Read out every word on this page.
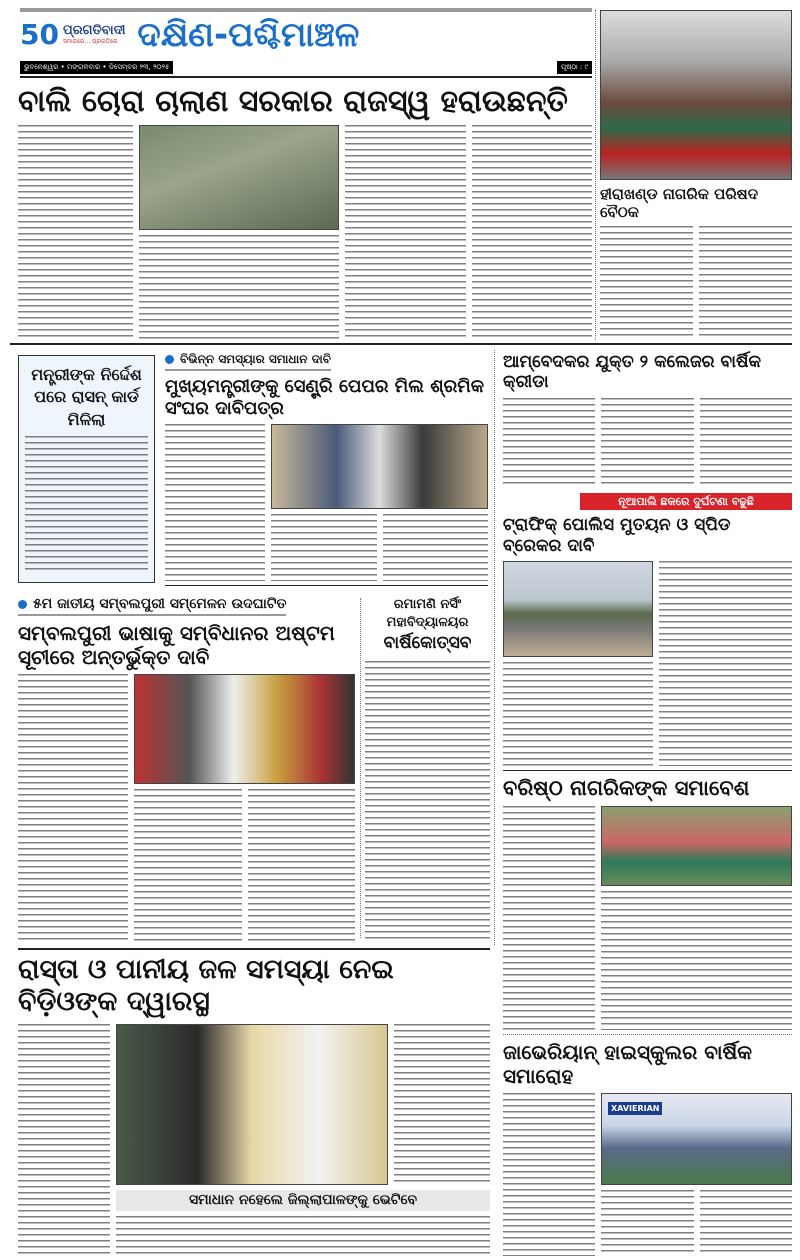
50 ପ୍ରଗତିବାଦୀ
ସମାଜରେ... ପ୍ରଗତିରେ ଦକ୍ଷିଣ-ପଶ୍ଚିମାଞ୍ଚଳ
ଭୁବନେଶ୍ୱର • ମଙ୍ଗଳବାର • ଡିସେମ୍ବର ୨୩, ୨୦୨୫	ପୃଷ୍ଠା : ୯
ବାଲି ଚୋରା ଚାଲାଣ ସରକାର ରାଜସ୍ୱ ହରାଉଛନ୍ତି
ହୀରାଖଣ୍ଡ ନାଗରିକ ପରିଷଦ ବୈଠକ
ମନ୍ତ୍ରୀଙ୍କ ନିର୍ଦ୍ଦେଶ ପରେ ରାସନ୍ କାର୍ଡ ମିଳିଲା
ବିଭିନ୍ନ ସମସ୍ୟାର ସମାଧାନ ଦାବି
ମୁଖ୍ୟମନ୍ତ୍ରୀଙ୍କୁ ସେଣ୍ଟ୍ରି ପେପର ମିଲ ଶ୍ରମିକ ସଂଘର ଦାବିପତ୍ର
ଆମ୍ବେଦକର ଯୁକ୍ତ ୨ କଲେଜର ବାର୍ଷିକ କ୍ରୀଡା
ନୂଆପାଲି ଛକରେ ଦୁର୍ଘଟଣା ବଢୁଛି
ଟ୍ରାଫିକ୍ ପୋଲିସ ମୁତୟନ ଓ ସ୍ପିଡ ବ୍ରେକର ଦାବି
ବରିଷ୍ଠ ନାଗରିକଙ୍କ ସମାବେଶ
୫ମ ଜାତୀୟ ସମ୍ବଲପୁରୀ ସମ୍ମେଳନ ଉଦଘାଟିତ
ସମ୍ବଲପୁରୀ ଭାଷାକୁ ସମ୍ବିଧାନର ଅଷ୍ଟମ ସୂଚୀରେ ଅନ୍ତର୍ଭୁକ୍ତ ଦାବି
ରମାମଣି ନର୍ସିଂ ମହାବିଦ୍ୟାଳୟର
ବାର୍ଷିକୋତ୍ସବ
ରାସ୍ତା ଓ ପାନୀୟ ଜଳ ସମସ୍ୟା ନେଇ ବିଡ଼ିଓଙ୍କ ଦ୍ୱାରସ୍ଥ
ସମାଧାନ ନହେଲେ ଜିଲ୍ଲାପାଳଙ୍କୁ ଭେଟିବେ
ଜାଭେରିୟାନ୍ ହାଇସ୍କୁଲର ବାର୍ଷିକ ସମାରୋହ
XAVIERIAN
